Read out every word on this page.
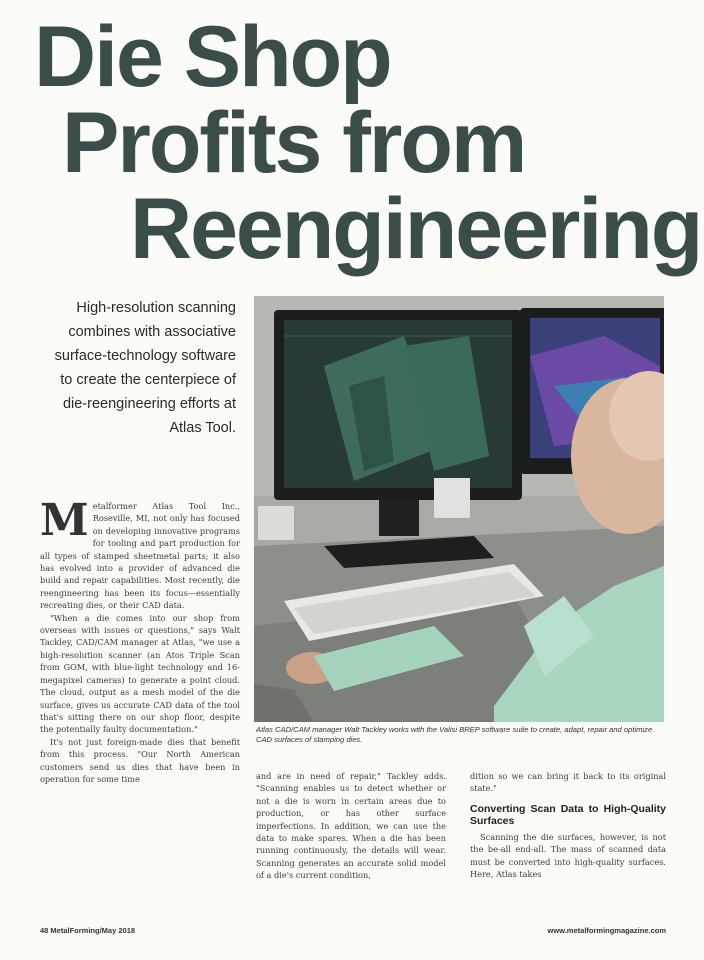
Die Shop
Profits from
Reengineering
High-resolution scanning combines with associative surface-technology software to create the centerpiece of die-reengineering efforts at Atlas Tool.
Atlas CAD/CAM manager Walt Tackley works with the Valisi BREP software suite to create, adapt, repair and optimize CAD surfaces of stamping dies.

Metalformer Atlas Tool Inc., Roseville, MI, not only has focused on developing innovative programs for tooling and part production for all types of stamped sheetmetal parts; it also has evolved into a provider of advanced die build and repair capabilities. Most recently, die reengineering has been its focus—essentially recreating dies, or their CAD data.

"When a die comes into our shop from overseas with issues or questions," says Walt Tackley, CAD/CAM manager at Atlas, "we use a high-resolution scanner (an Atos Triple Scan from GOM, with blue-light technology and 16-megapixel cameras) to generate a point cloud. The cloud, output as a mesh model of the die surface, gives us accurate CAD data of the tool that's sitting there on our shop floor, despite the potentially faulty documentation."

It's not just foreign-made dies that benefit from this process. "Our North American customers send us dies that have been in operation for some time	and are in need of repair," Tackley adds. "Scanning enables us to detect whether or not a die is worn in certain areas due to production, or has other surface imperfections. In addition, we can use the data to make spares. When a die has been running continuously, the details will wear. Scanning generates an accurate solid model of a die's current condition,

dition so we can bring it back to its original state."

Converting Scan Data to High-Quality Surfaces

Scanning the die surfaces, however, is not the be-all end-all. The mass of scanned data must be converted into high-quality surfaces. Here, Atlas takes

48 MetalForming/May 2018	www.metalformingmagazine.com
